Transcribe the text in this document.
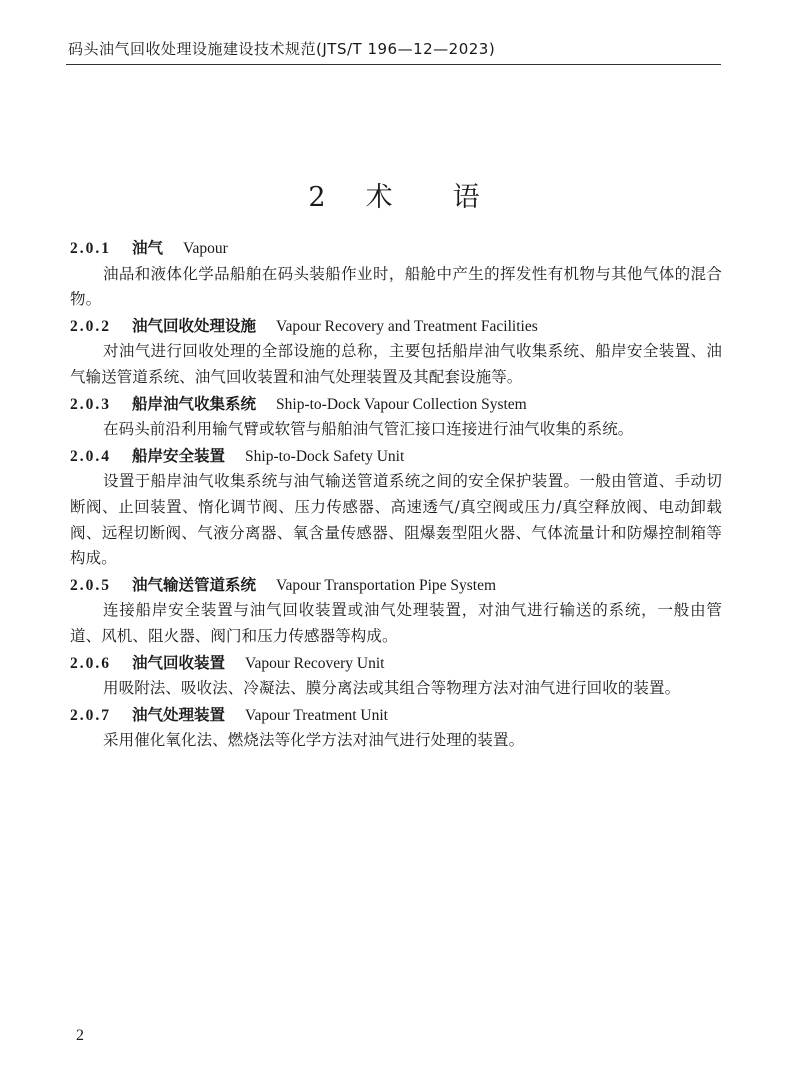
码头油气回收处理设施建设技术规范(JTS/T 196—12—2023)
2 术 语

2.0.1 油气 Vapour

油品和液体化学品船舶在码头装船作业时，船舱中产生的挥发性有机物与其他气体的混合物。

2.0.2 油气回收处理设施 Vapour Recovery and Treatment Facilities

对油气进行回收处理的全部设施的总称，主要包括船岸油气收集系统、船岸安全装置、油气输送管道系统、油气回收装置和油气处理装置及其配套设施等。

2.0.3 船岸油气收集系统 Ship-to-Dock Vapour Collection System

在码头前沿利用输气臂或软管与船舶油气管汇接口连接进行油气收集的系统。

2.0.4 船岸安全装置 Ship-to-Dock Safety Unit

设置于船岸油气收集系统与油气输送管道系统之间的安全保护装置。一般由管道、手动切断阀、止回装置、惰化调节阀、压力传感器、高速透气/真空阀或压力/真空释放阀、电动卸载阀、远程切断阀、气液分离器、氧含量传感器、阻爆轰型阻火器、气体流量计和防爆控制箱等构成。

2.0.5 油气输送管道系统 Vapour Transportation Pipe System

连接船岸安全装置与油气回收装置或油气处理装置，对油气进行输送的系统，一般由管道、风机、阻火器、阀门和压力传感器等构成。

2.0.6 油气回收装置 Vapour Recovery Unit

用吸附法、吸收法、冷凝法、膜分离法或其组合等物理方法对油气进行回收的装置。

2.0.7 油气处理装置 Vapour Treatment Unit

采用催化氧化法、燃烧法等化学方法对油气进行处理的装置。

2
